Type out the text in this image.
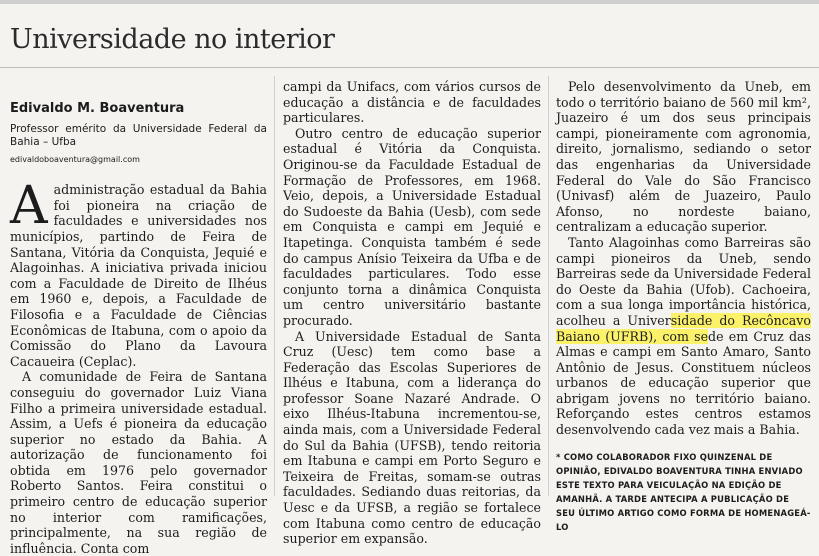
Universidade no interior

Edivaldo M. Boaventura

Professor emérito da Universidade Federal da Bahia – Ufba

edivaldoboaventura@gmail.com

Aadministração estadual da Bahia foi pioneira na criação de faculdades e universidades nos municípios, partindo de Feira de Santana, Vitória da Conquista, Jequié e Alagoinhas. A iniciativa privada iniciou com a Faculdade de Direito de Ilhéus em 1960 e, depois, a Faculdade de Filosofia e a Faculdade de Ciências Econômicas de Itabuna, com o apoio da Comissão do Plano da Lavoura Cacaueira (Ceplac).

A comunidade de Feira de Santana conseguiu do governador Luiz Viana Filho a primeira universidade estadual. Assim, a Uefs é pioneira da educação superior no estado da Bahia. A autorização de funcionamento foi obtida em 1976 pelo governador Roberto Santos. Feira constitui o primeiro centro de educação superior no interior com ramificações, principalmente, na sua região de influência. Conta com

campi da Unifacs, com vários cursos de educação a distância e de faculdades particulares.

Outro centro de educação superior estadual é Vitória da Conquista. Originou-se da Faculdade Estadual de Formação de Professores, em 1968. Veio, depois, a Universidade Estadual do Sudoeste da Bahia (Uesb), com sede em Conquista e campi em Jequié e Itapetinga. Conquista também é sede do campus Anísio Teixeira da Ufba e de faculdades particulares. Todo esse conjunto torna a dinâmica Conquista um centro universitário bastante procurado.

A Universidade Estadual de Santa Cruz (Uesc) tem como base a Federação das Escolas Superiores de Ilhéus e Itabuna, com a liderança do professor Soane Nazaré Andrade. O eixo Ilhéus-Itabuna incrementou-se, ainda mais, com a Universidade Federal do Sul da Bahia (UFSB), tendo reitoria em Itabuna e campi em Porto Seguro e Teixeira de Freitas, somam-se outras faculdades. Sediando duas reitorias, da Uesc e da UFSB, a região se fortalece com Itabuna como centro de educação superior em expansão.

Pelo desenvolvimento da Uneb, em todo o território baiano de 560 mil km², Juazeiro é um dos seus principais campi, pioneiramente com agronomia, direito, jornalismo, sediando o setor das engenharias da Universidade Federal do Vale do São Francisco (Univasf) além de Juazeiro, Paulo Afonso, no nordeste baiano, centralizam a educação superior.

Tanto Alagoinhas como Barreiras são campi pioneiros da Uneb, sendo Barreiras sede da Universidade Federal do Oeste da Bahia (Ufob). Cachoeira, com a sua longa importância histórica, acolheu a Universidade do Recôncavo Baiano (UFRB), com sede em Cruz das Almas e campi em Santo Amaro, Santo Antônio de Jesus. Constituem núcleos urbanos de educação superior que abrigam jovens no território baiano. Reforçando estes centros estamos desenvolvendo cada vez mais a Bahia.

* COMO COLABORADOR FIXO QUINZENAL DE OPINIÃO, EDIVALDO BOAVENTURA TINHA ENVIADO ESTE TEXTO PARA VEICULAÇÃO NA EDIÇÃO DE AMANHÃ. A TARDE ANTECIPA A PUBLICAÇÃO DE SEU ÚLTIMO ARTIGO COMO FORMA DE HOMENAGEÁ-LO
